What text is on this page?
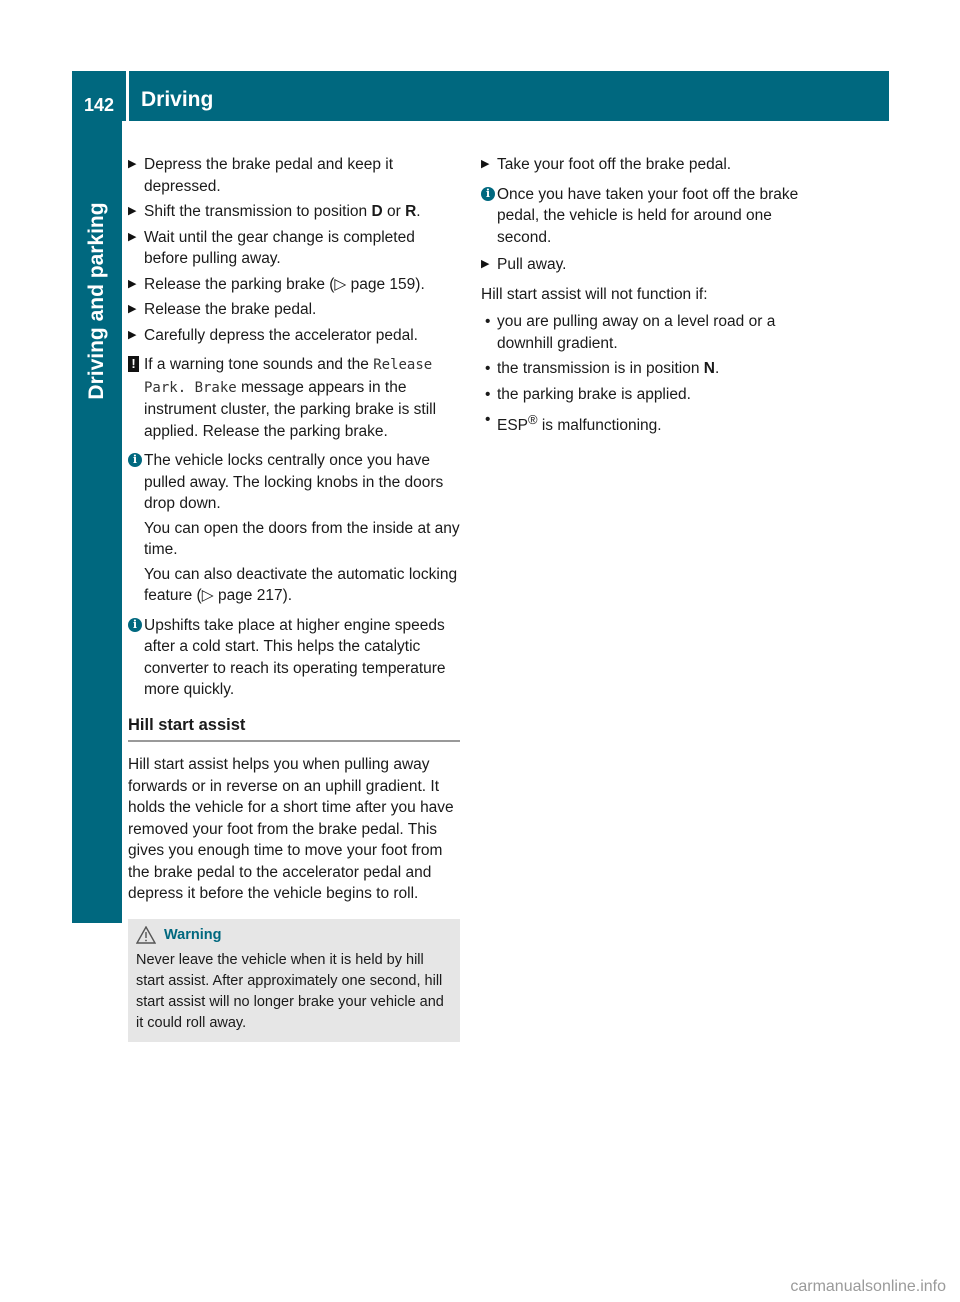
142	Driving
Driving and parking
▶ Depress the brake pedal and keep it depressed.
▶ Shift the transmission to position D or R.
▶ Wait until the gear change is completed before pulling away.
▶ Release the parking brake (▷ page 159).
▶ Release the brake pedal.
▶ Carefully depress the accelerator pedal.
! If a warning tone sounds and the Release Park. Brake message appears in the instrument cluster, the parking brake is still applied. Release the parking brake.

i The vehicle locks centrally once you have pulled away. The locking knobs in the doors drop down.

You can open the doors from the inside at any time.

You can also deactivate the automatic locking feature (▷ page 217).

i Upshifts take place at higher engine speeds after a cold start. This helps the catalytic converter to reach its operating temperature more quickly.

Hill start assist
Hill start assist helps you when pulling away forwards or in reverse on an uphill gradient. It holds the vehicle for a short time after you have removed your foot from the brake pedal. This gives you enough time to move your foot from the brake pedal to the accelerator pedal and depress it before the vehicle begins to roll.
Warning
Never leave the vehicle when it is held by hill start assist. After approximately one second, hill start assist will no longer brake your vehicle and it could roll away.
▶ Take your foot off the brake pedal.
i Once you have taken your foot off the brake pedal, the vehicle is held for around one second.

▶ Pull away.
Hill start assist will not function if:
• you are pulling away on a level road or a downhill gradient.
• the transmission is in position N.
• the parking brake is applied.
• ESP® is malfunctioning.
carmanualsonline.info
